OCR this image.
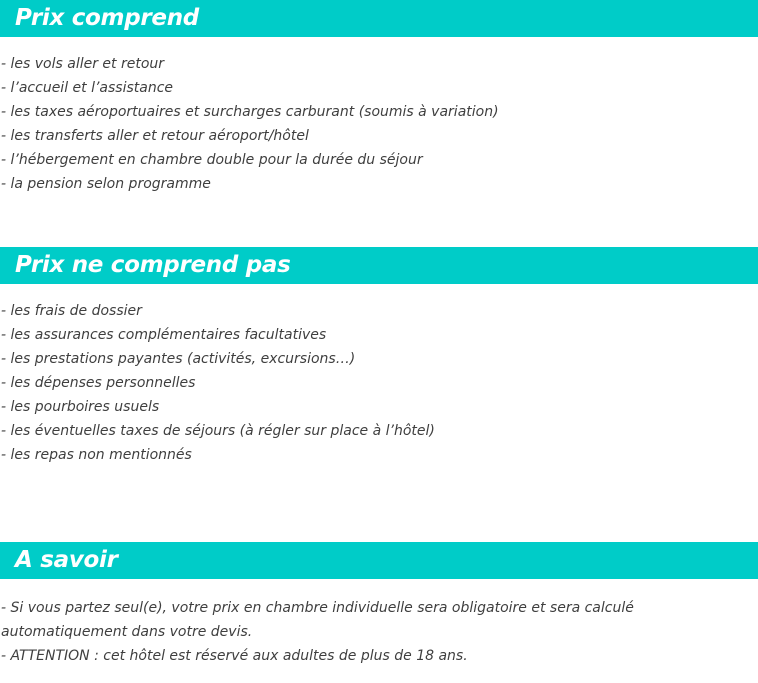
Prix comprend
- les vols aller et retour
- l’accueil et l’assistance
- les taxes aéroportuaires et surcharges carburant (soumis à variation)
- les transferts aller et retour aéroport/hôtel
- l’hébergement en chambre double pour la durée du séjour
- la pension selon programme
Prix ne comprend pas
- les frais de dossier
- les assurances complémentaires facultatives
- les prestations payantes (activités, excursions…)
- les dépenses personnelles
- les pourboires usuels
- les éventuelles taxes de séjours (à régler sur place à l’hôtel)
- les repas non mentionnés
A savoir

- Si vous partez seul(e), votre prix en chambre individuelle sera obligatoire et sera calculé automatiquement dans votre devis.

- ATTENTION : cet hôtel est réservé aux adultes de plus de 18 ans.
